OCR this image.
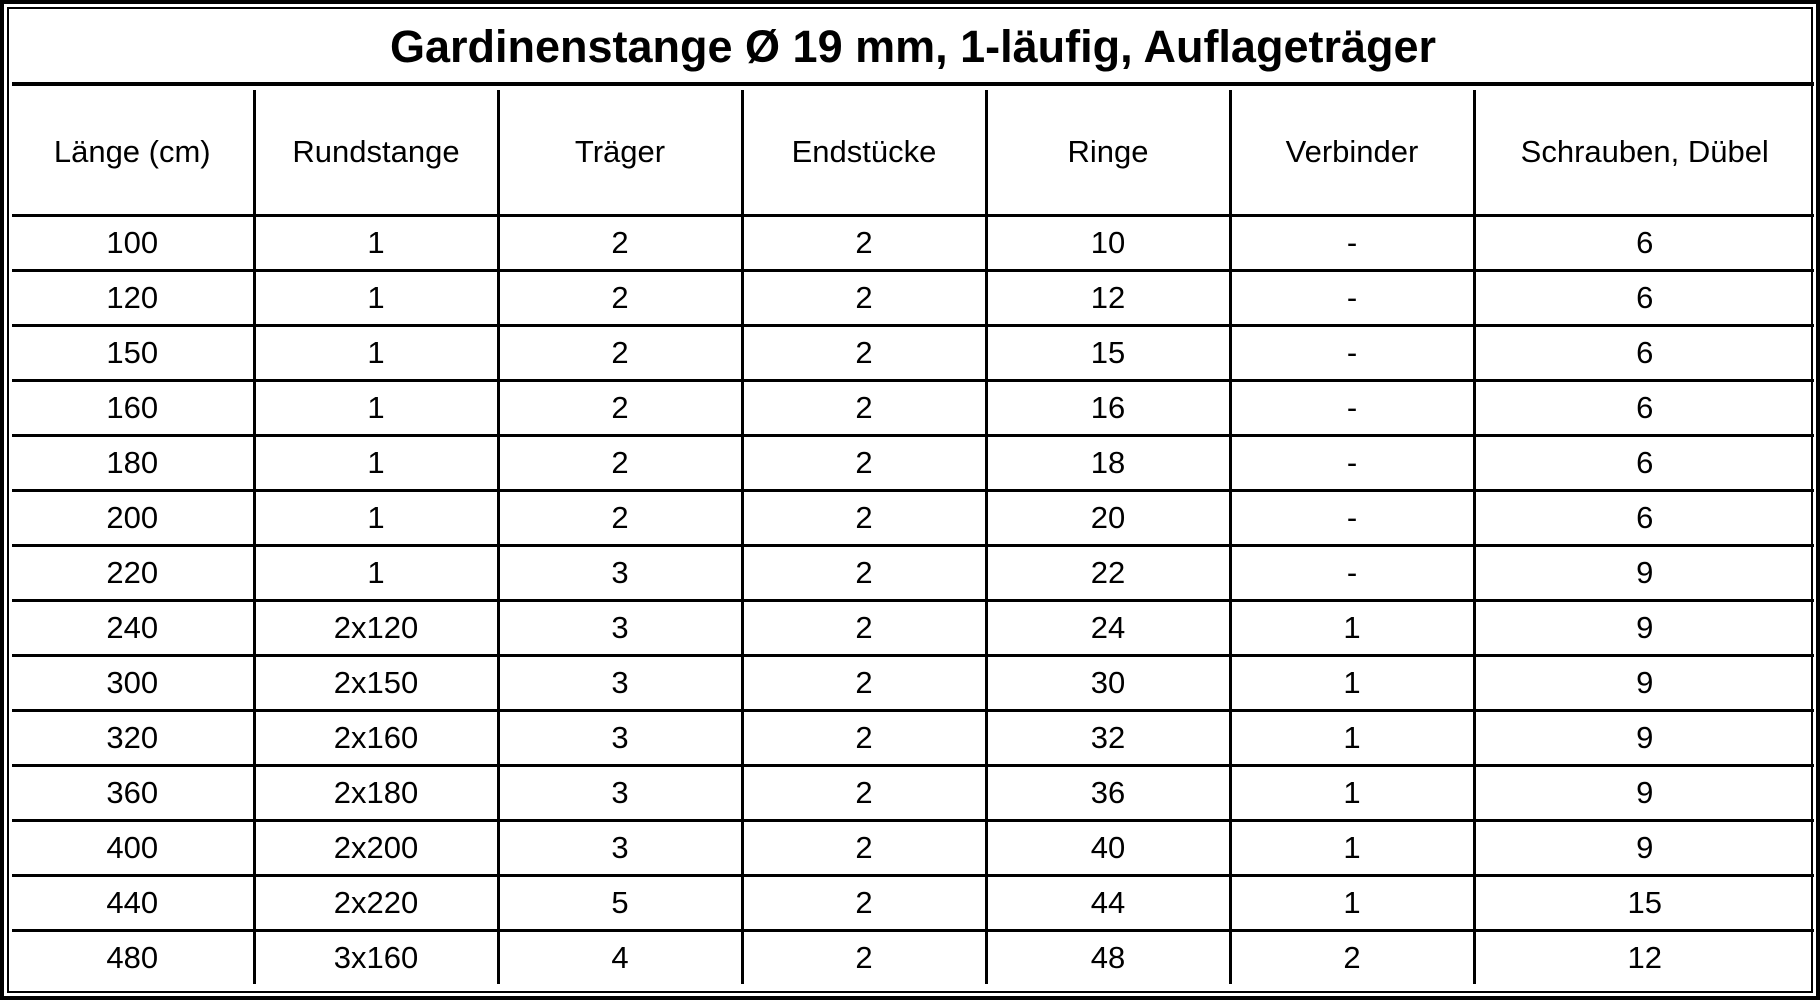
Gardinenstange Ø 19 mm, 1-läufig, Auflageträger
Länge (cm)	Rundstange	Träger	Endstücke	Ringe	Verbinder	Schrauben, Dübel
100	1	2	2	10	-	6
120	1	2	2	12	-	6
150	1	2	2	15	-	6
160	1	2	2	16	-	6
180	1	2	2	18	-	6
200	1	2	2	20	-	6
220	1	3	2	22	-	9
240	2x120	3	2	24	1	9
300	2x150	3	2	30	1	9
320	2x160	3	2	32	1	9
360	2x180	3	2	36	1	9
400	2x200	3	2	40	1	9
440	2x220	5	2	44	1	15
480	3x160	4	2	48	2	12
